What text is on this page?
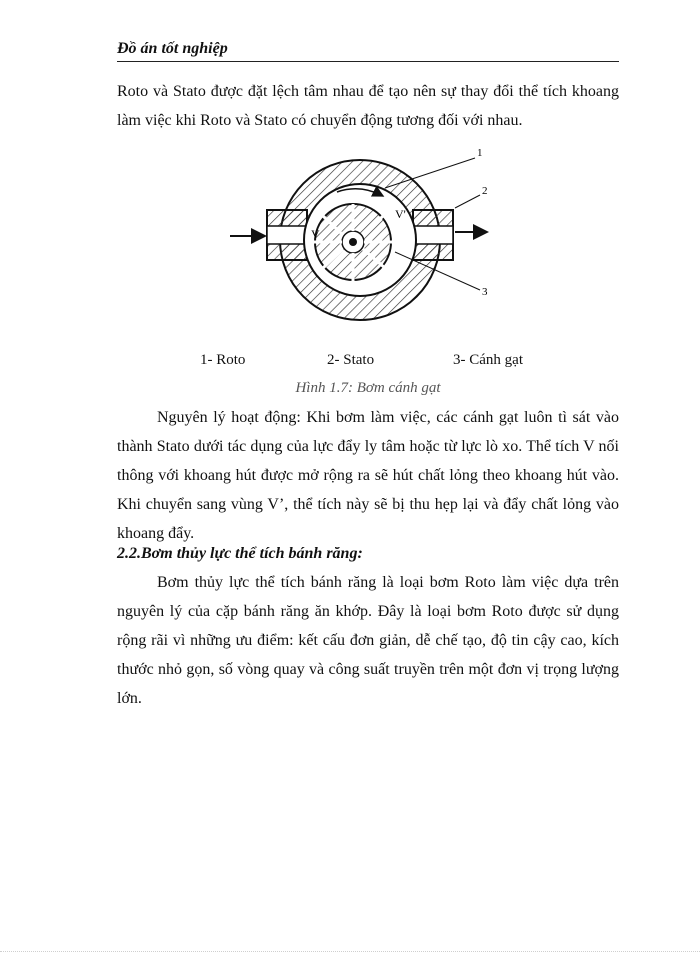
Đồ án tốt nghiệp
Roto và Stato được đặt lệch tâm nhau để tạo nên sự thay đổi thể tích khoang làm việc khi Roto và Stato có chuyển động tương đối với nhau.
V
V'
1
2
3
1- Roto	2- Stato	3- Cánh gạt
Hình 1.7: Bơm cánh gạt
Nguyên lý hoạt động: Khi bơm làm việc, các cánh gạt luôn tì sát vào thành Stato dưới tác dụng của lực đẩy ly tâm hoặc từ lực lò xo. Thể tích V nối thông với khoang hút được mở rộng ra sẽ hút chất lỏng theo khoang hút vào. Khi chuyển sang vùng V’, thể tích này sẽ bị thu hẹp lại và đẩy chất lỏng vào khoang đẩy.
2.2.Bơm thủy lực thể tích bánh răng:
Bơm thủy lực thể tích bánh răng là loại bơm Roto làm việc dựa trên nguyên lý của cặp bánh răng ăn khớp. Đây là loại bơm Roto được sử dụng rộng rãi vì những ưu điểm: kết cấu đơn giản, dễ chế tạo, độ tin cậy cao, kích thước nhỏ gọn, số vòng quay và công suất truyền trên một đơn vị trọng lượng lớn.
